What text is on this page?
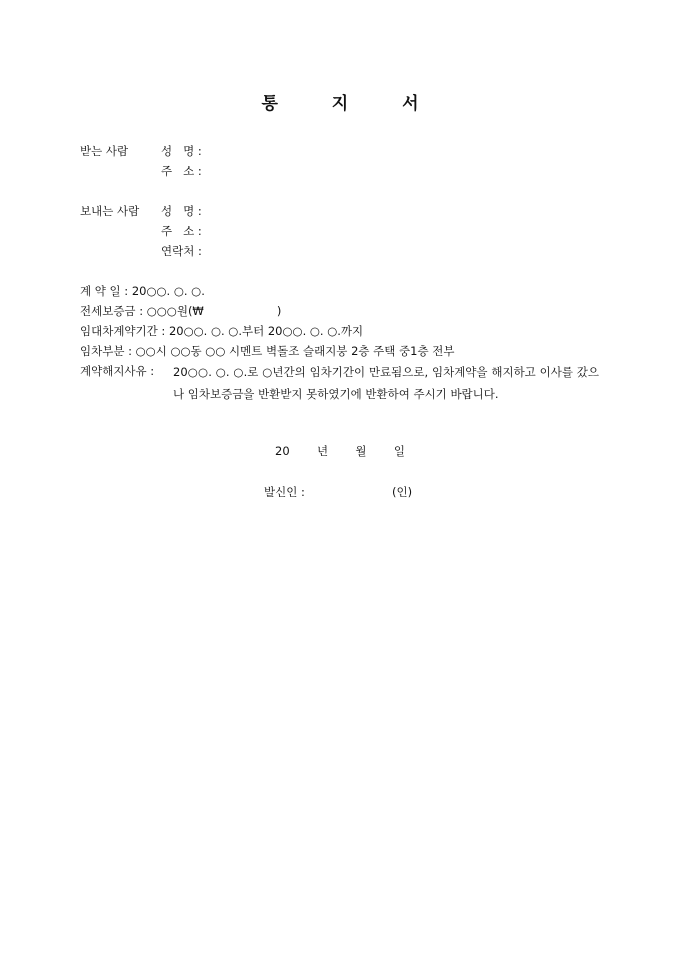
통 지 서
받는 사람	성   명 :
주   소 :
보내는 사람 성   명 :
주   소 :
연락처 :
계 약 일 : 20○○. ○. ○.
전세보증금 : ○○○원(₩                    )
임대차계약기간 : 20○○. ○. ○.부터 20○○. ○. ○.까지
임차부분 : ○○시 ○○동 ○○ 시멘트 벽돌조 슬래지붕 2층 주택 중1층 전부
계약해지사유 : 20○○. ○. ○.로 ○년간의 임차기간이 만료됨으로, 임차계약을 해지하고 이사를 갔으나 임차보증금을 반환받지 못하였기에 반환하여 주시기 바랍니다.
20  년  월  일
발신인 :	(인)
